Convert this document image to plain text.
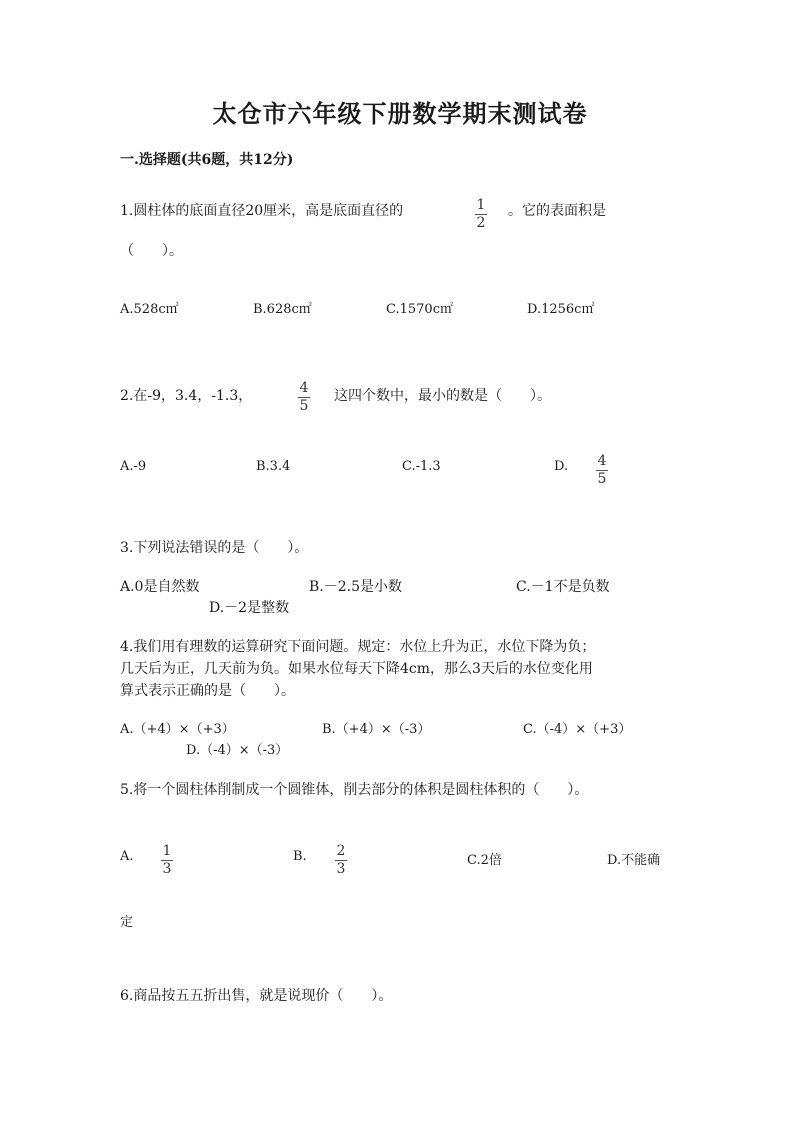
太仓市六年级下册数学期末测试卷
一.选择题(共6题，共12分)
1.圆柱体的底面直径20厘米，高是底面直径的	1
2
。它的表面积是
（　　）。
A.528c㎡	B.628c㎡	C.1570c㎡	D.1256c㎡
2.在-9，3.4，-1.3，	4
5
这四个数中，最小的数是（　　）。
A.-9	B.3.4	C.-1.3	D. 4
5
3.下列说法错误的是（　　）。
A.0是自然数	B.－2.5是小数	C.－1不是负数
D.－2是整数
4.我们用有理数的运算研究下面问题。规定：水位上升为正，水位下降为负；
几天后为正，几天前为负。如果水位每天下降4cm，那么3天后的水位变化用
算式表示正确的是（　　）。
A.（+4）×（+3）	B.（+4）×（-3）	C.（-4）×（+3）
D.（-4）×（-3）
5.将一个圆柱体削制成一个圆锥体，削去部分的体积是圆柱体积的（　　）。
A. 1
3
B. 2
3
C.2倍	D.不能确
定
6.商品按五五折出售，就是说现价（　　）。
